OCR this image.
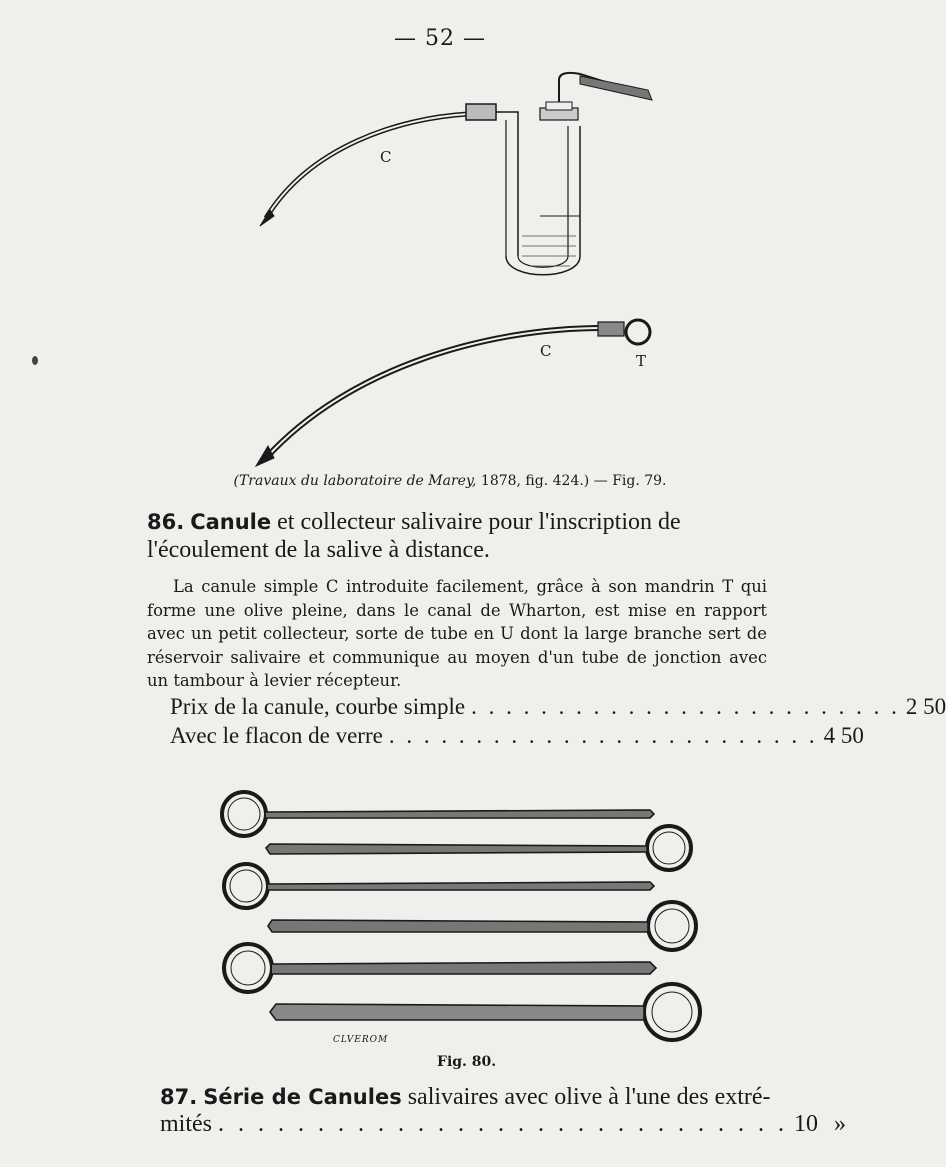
— 52 —
C
C
T
(Travaux du laboratoire de Marey, 1878, fig. 424.) — Fig. 79.
86. Canule et collecteur salivaire pour l'inscription de l'écoulement de la salive à distance.
La canule simple C introduite facilement, grâce à son mandrin T qui forme une olive pleine, dans le canal de Wharton, est mise en rapport avec un petit collecteur, sorte de tube en U dont la large branche sert de réservoir salivaire et communique au moyen d'un tube de jonction avec un tambour à levier récepteur.
Prix de la canule, courbe simple . . . . . . . . . . . . . . . . . . . . . . . . . 2 50
Avec le flacon de verre . . . . . . . . . . . . . . . . . . . . . . . . . 4 50
CLVEROM
Fig. 80.
87. Série de Canules salivaires avec olive à l'une des extré-
mités . . . . . . . . . . . . . . . . . . . . . . . . . . . . . 10 »
